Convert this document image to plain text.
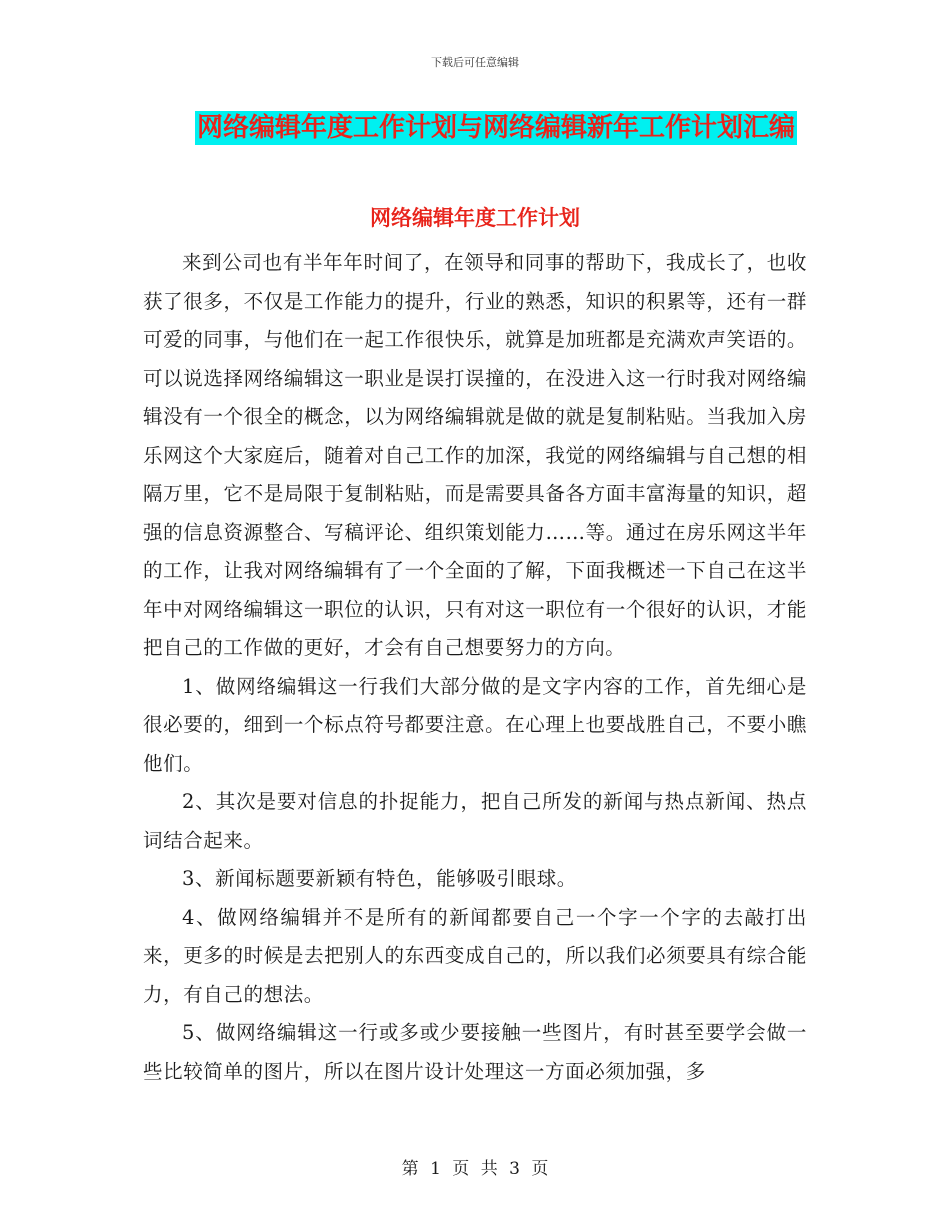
下载后可任意编辑
网络编辑年度工作计划与网络编辑新年工作计划汇编
网络编辑年度工作计划

来到公司也有半年年时间了，在领导和同事的帮助下，我成长了，也收获了很多，不仅是工作能力的提升，行业的熟悉，知识的积累等，还有一群可爱的同事，与他们在一起工作很快乐，就算是加班都是充满欢声笑语的。可以说选择网络编辑这一职业是误打误撞的，在没进入这一行时我对网络编辑没有一个很全的概念，以为网络编辑就是做的就是复制粘贴。当我加入房乐网这个大家庭后，随着对自己工作的加深，我觉的网络编辑与自己想的相隔万里，它不是局限于复制粘贴，而是需要具备各方面丰富海量的知识，超强的信息资源整合、写稿评论、组织策划能力……等。通过在房乐网这半年的工作，让我对网络编辑有了一个全面的了解，下面我概述一下自己在这半年中对网络编辑这一职位的认识，只有对这一职位有一个很好的认识，才能把自己的工作做的更好，才会有自己想要努力的方向。

1、做网络编辑这一行我们大部分做的是文字内容的工作，首先细心是很必要的，细到一个标点符号都要注意。在心理上也要战胜自己，不要小瞧他们。

2、其次是要对信息的扑捉能力，把自己所发的新闻与热点新闻、热点词结合起来。

3、新闻标题要新颖有特色，能够吸引眼球。

4、做网络编辑并不是所有的新闻都要自己一个字一个字的去敲打出来，更多的时候是去把别人的东西变成自己的，所以我们必须要具有综合能力，有自己的想法。

5、做网络编辑这一行或多或少要接触一些图片，有时甚至要学会做一些比较简单的图片，所以在图片设计处理这一方面必须加强，多

第 1 页 共 3 页
